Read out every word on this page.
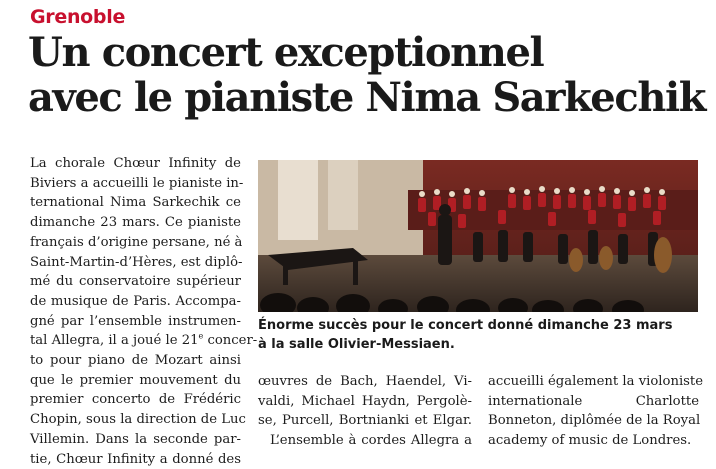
Grenoble
Un concert exceptionnel
avec le pianiste Nima Sarkechik
La chorale Chœur Infinity de
Biviers a accueilli le pianiste in-
ternational Nima Sarkechik ce
dimanche 23 mars. Ce pianiste
français d’origine persane, né à
Saint-Martin-d’Hères, est diplô-
mé du conservatoire supérieur
de musique de Paris. Accompa-
gné par l’ensemble instrumen-
tal Allegra, il a joué le 21e concer-
to pour piano de Mozart ainsi
que le premier mouvement du
premier concerto de Frédéric
Chopin, sous la direction de Luc
Villemin. Dans la seconde par-
tie, Chœur Infinity a donné des
Énorme succès pour le concert donné dimanche 23 mars
à la salle Olivier-Messiaen.
œuvres de Bach, Haendel, Vi-
valdi, Michael Haydn, Pergolè-
se, Purcell, Bortnianki et Elgar.
L’ensemble à cordes Allegra a
accueilli également la violoniste
internationale Charlotte
Bonneton, diplômée de la Royal
academy of music de Londres.
